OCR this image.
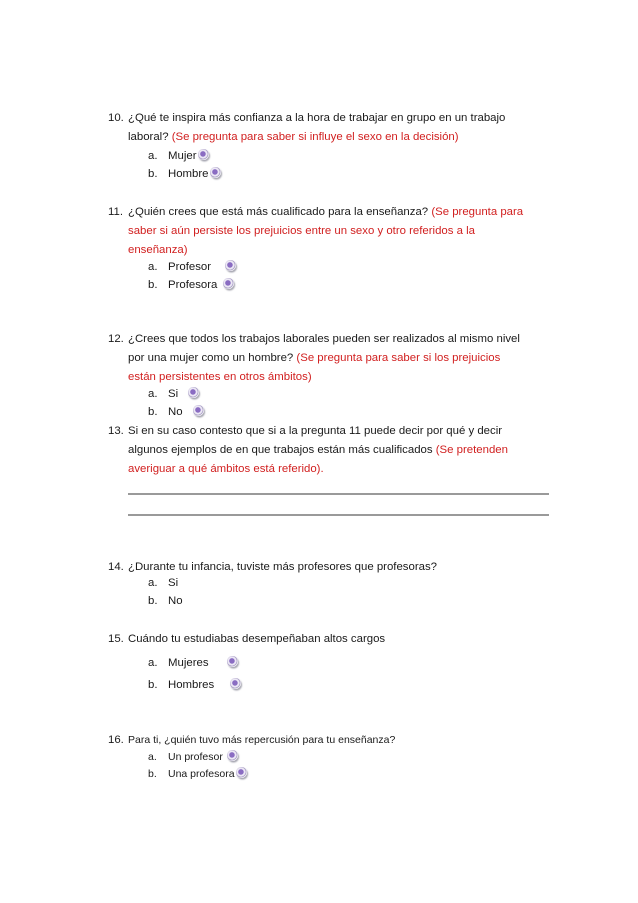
10. ¿Qué te inspira más confianza a la hora de trabajar en grupo en un trabajo
laboral? (Se pregunta para saber si influye el sexo en la decisión)
a. Mujer
b. Hombre
11. ¿Quién crees que está más cualificado para la enseñanza? (Se pregunta para
saber si aún persiste los prejuicios entre un sexo y otro referidos a la
enseñanza)
a. Profesor
b. Profesora
12. ¿Crees que todos los trabajos laborales pueden ser realizados al mismo nivel
por una mujer como un hombre? (Se pregunta para saber si los prejuicios
están persistentes en otros ámbitos)
a. Si
b. No
13. Si en su caso contesto que si a la pregunta 11 puede decir por qué y decir
algunos ejemplos de en que trabajos están más cualificados (Se pretenden
averiguar a qué ámbitos está referido).
14. ¿Durante tu infancia, tuviste más profesores que profesoras?
a. Si
b. No
15. Cuándo tu estudiabas desempeñaban altos cargos
a. Mujeres
b. Hombres
16. Para ti, ¿quién tuvo más repercusión para tu enseñanza?
a. Un profesor
b. Una profesora
